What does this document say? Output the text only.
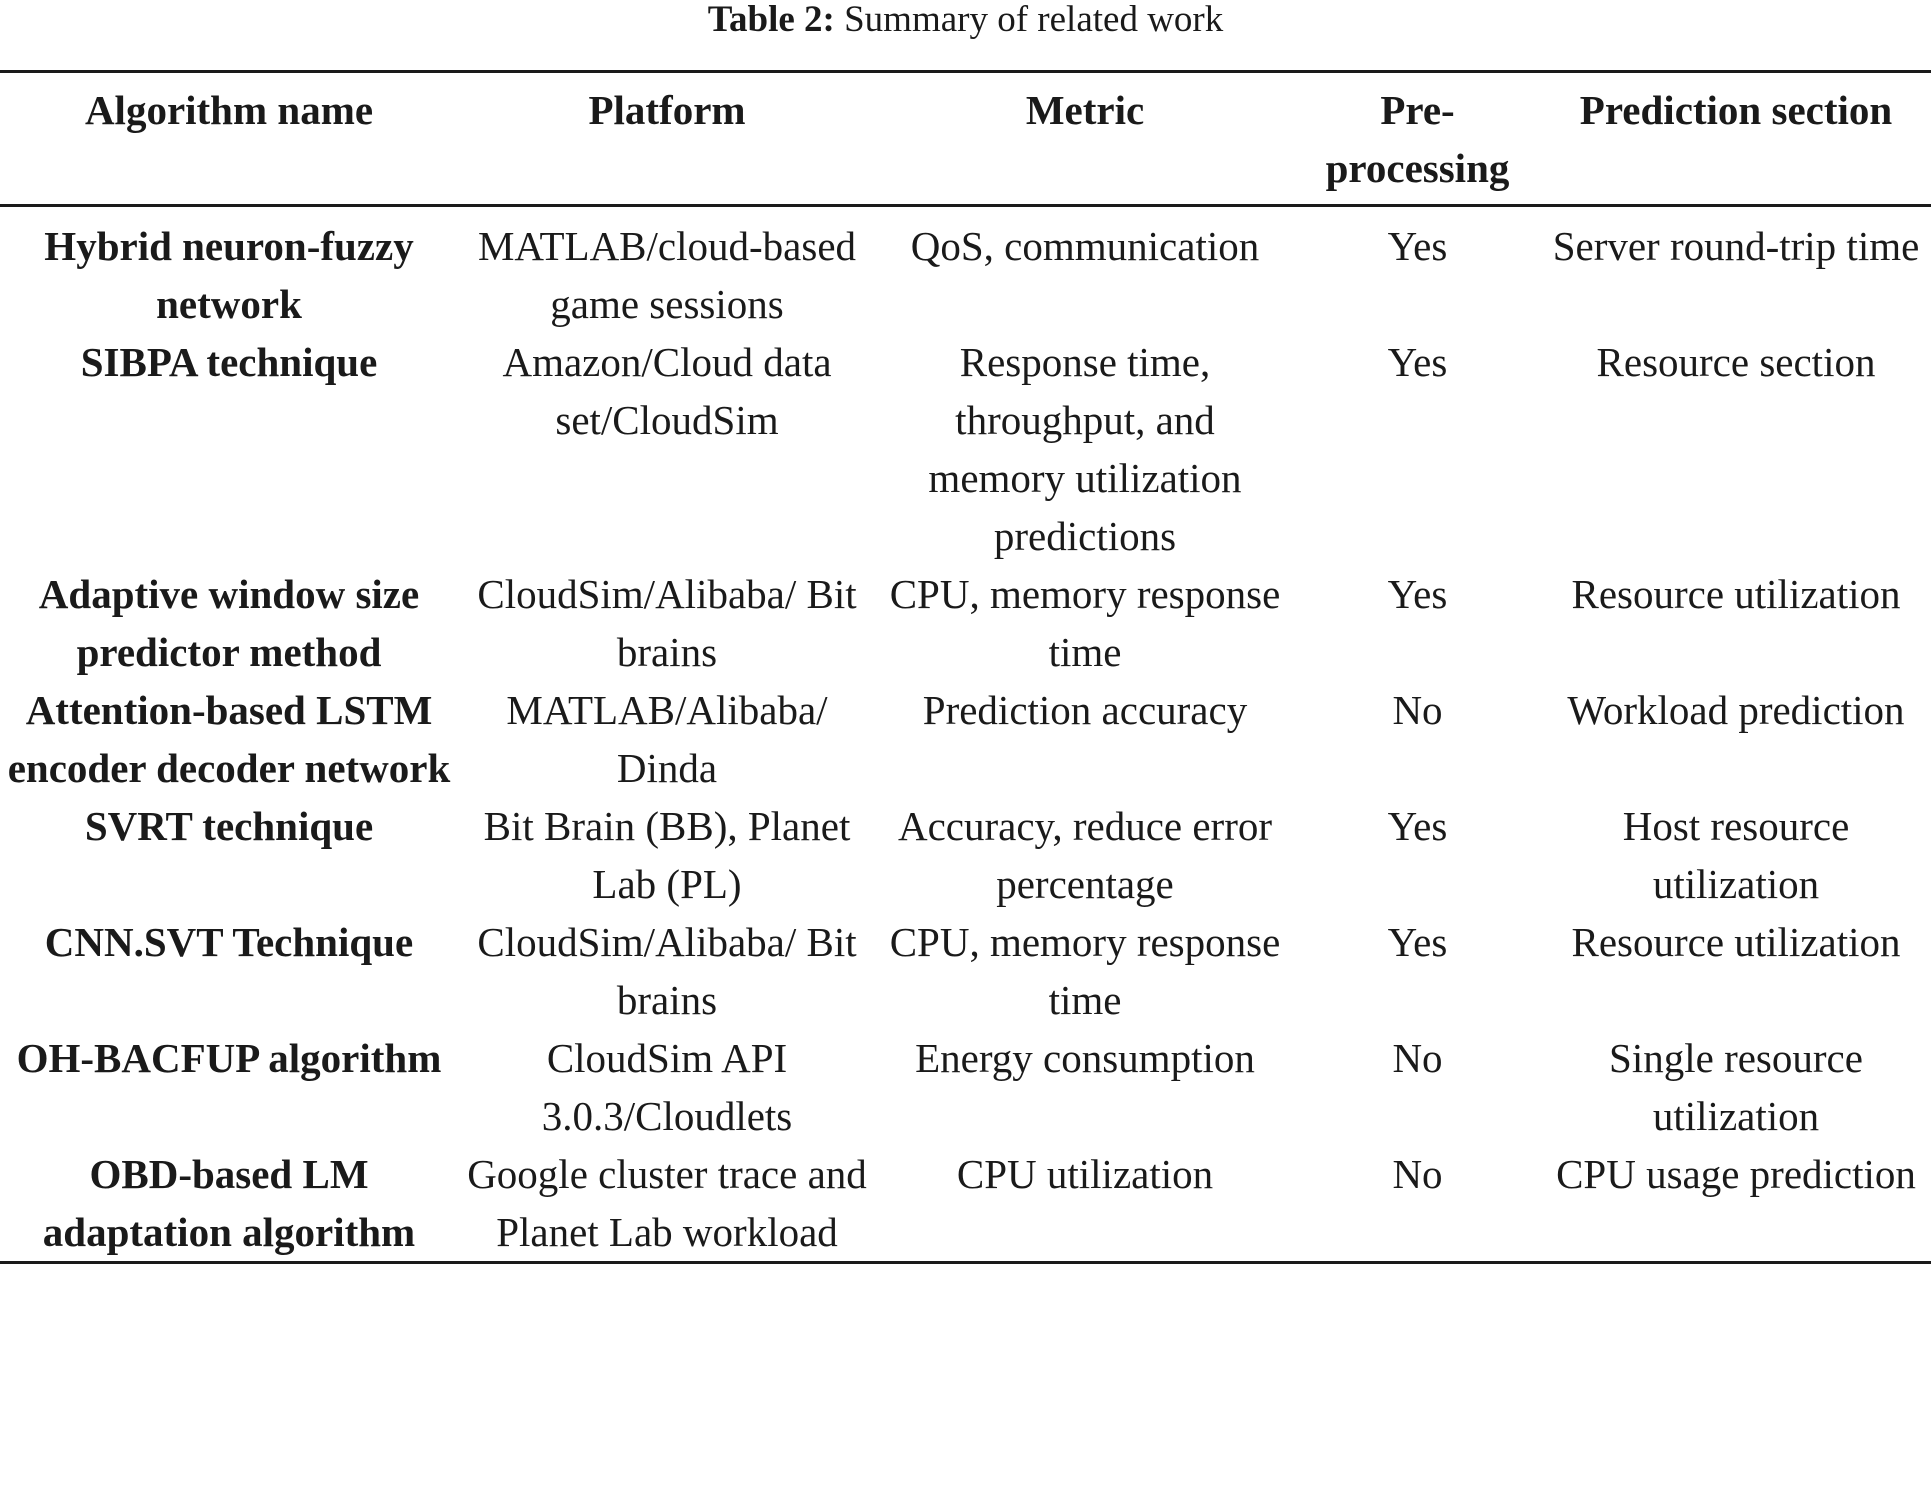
Table 2: Summary of related work
Algorithm name	Platform	Metric	Pre-processing	Prediction section
Hybrid neuron-fuzzy network	MATLAB/cloud-based game sessions	QoS, communication	Yes	Server round-trip time
SIBPA technique	Amazon/Cloud data set/CloudSim	Response time, throughput, and memory utilization predictions	Yes	Resource section
Adaptive window size predictor method	CloudSim/Alibaba/ Bit brains	CPU, memory response time	Yes	Resource utilization
Attention-based LSTM encoder decoder network	MATLAB/Alibaba/ Dinda	Prediction accuracy	No	Workload prediction
SVRT technique	Bit Brain (BB), Planet Lab (PL)	Accuracy, reduce error percentage	Yes	Host resource utilization
CNN.SVT Technique	CloudSim/Alibaba/ Bit brains	CPU, memory response time	Yes	Resource utilization
OH-BACFUP algorithm	CloudSim API 3.0.3/Cloudlets	Energy consumption	No	Single resource utilization
OBD-based LM adaptation algorithm	Google cluster trace and Planet Lab workload	CPU utilization	No	CPU usage prediction
